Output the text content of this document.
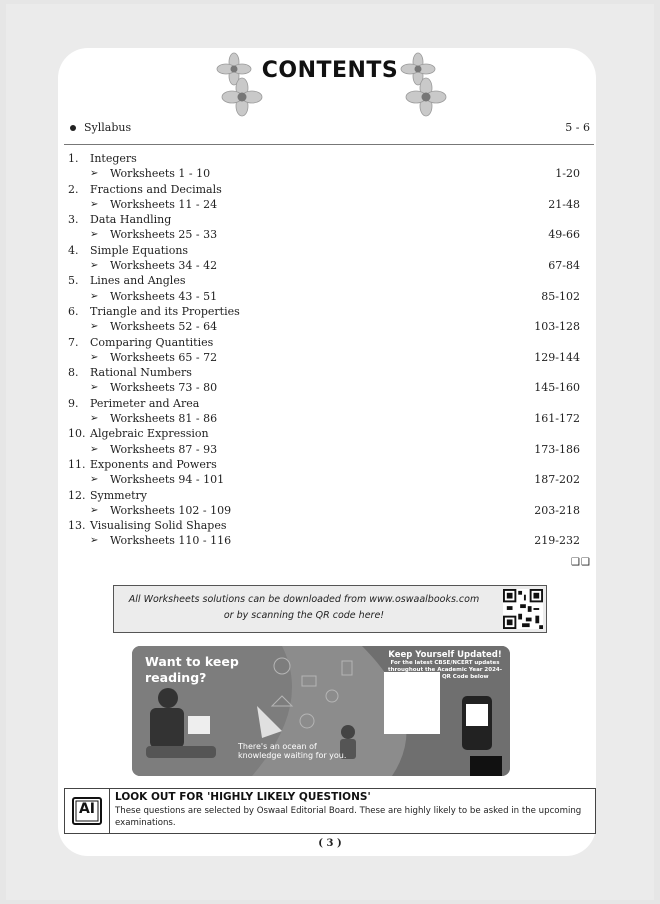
CONTENTS
Syllabus	5 - 6
1. Integers
➢ Worksheets 1 - 10	1-20
2. Fractions and Decimals
➢ Worksheets 11 - 24	21-48
3. Data Handling
➢ Worksheets 25 - 33	49-66
4. Simple Equations
➢ Worksheets 34 - 42	67-84
5. Lines and Angles
➢ Worksheets 43 - 51	85-102
6. Triangle and its Properties
➢ Worksheets 52 - 64	103-128
7. Comparing Quantities
➢ Worksheets 65 - 72	129-144
8. Rational Numbers
➢ Worksheets 73 - 80	145-160
9. Perimeter and Area
➢ Worksheets 81 - 86	161-172
10. Algebraic Expression
➢ Worksheets 87 - 93	173-186
11. Exponents and Powers
➢ Worksheets 94 - 101	187-202
12. Symmetry
➢ Worksheets 102 - 109	203-218
13. Visualising Solid Shapes
➢ Worksheets 110 - 116	219-232
❑❑
All Worksheets solutions can be downloaded from www.oswaalbooks.com
or by scanning the QR code here!
Want to keep reading?
There's an ocean of knowledge waiting for you.
Keep Yourself Updated!
For the latest CBSE/NCERT updates throughout the Academic Year 2024-25, Scan the QR Code below
AI
LOOK OUT FOR 'HIGHLY LIKELY QUESTIONS'
These questions are selected by Oswaal Editorial Board. These are highly likely to be asked in the upcoming examinations.
( 3 )
